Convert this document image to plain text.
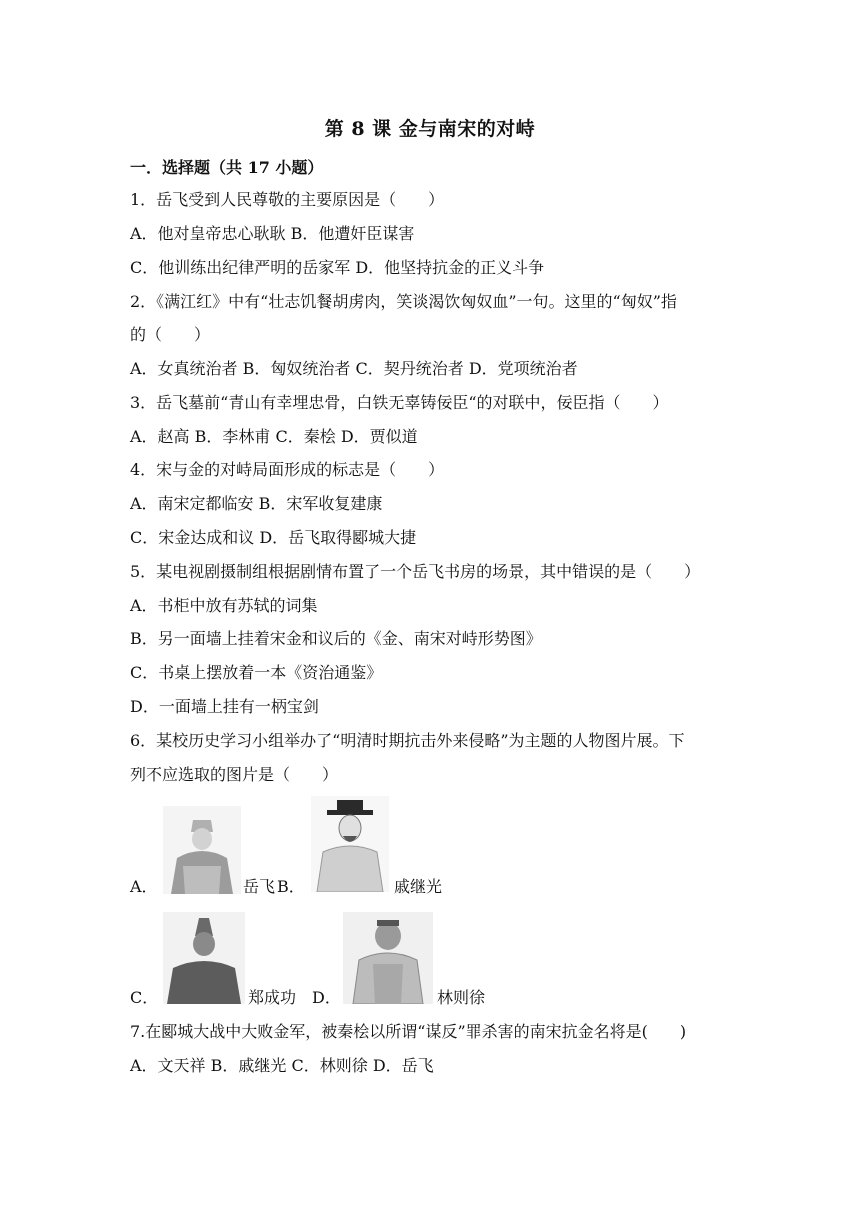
第 8 课 金与南宋的对峙
一．选择题（共 17 小题）
1．岳飞受到人民尊敬的主要原因是（　　）
A．他对皇帝忠心耿耿 B．他遭奸臣谋害
C．他训练出纪律严明的岳家军 D．他坚持抗金的正义斗争
2．《满江红》中有“壮志饥餐胡虏肉，笑谈渴饮匈奴血”一句。这里的“匈奴”指
的（　　）
A．女真统治者 B．匈奴统治者 C．契丹统治者 D．党项统治者
3．岳飞墓前“青山有幸埋忠骨，白铁无辜铸佞臣“的对联中，佞臣指（　　）
A．赵高 B．李林甫 C．秦桧 D．贾似道
4．宋与金的对峙局面形成的标志是（　　）
A．南宋定都临安 B．宋军收复建康
C．宋金达成和议 D．岳飞取得郾城大捷
5．某电视剧摄制组根据剧情布置了一个岳飞书房的场景，其中错误的是（　　）
A．书柜中放有苏轼的词集
B．另一面墙上挂着宋金和议后的《金、南宋对峙形势图》
C．书桌上摆放着一本《资治通鉴》
D．一面墙上挂有一柄宝剑
6．某校历史学习小组举办了“明清时期抗击外来侵略”为主题的人物图片展。下
列不应选取的图片是（　　）
A．	岳飞 B．	戚继光
C．	郑成功 D．	林则徐
7.在郾城大战中大败金军，被秦桧以所谓“谋反”罪杀害的南宋抗金名将是(　　)
A．文天祥 B．戚继光 C．林则徐 D．岳飞
